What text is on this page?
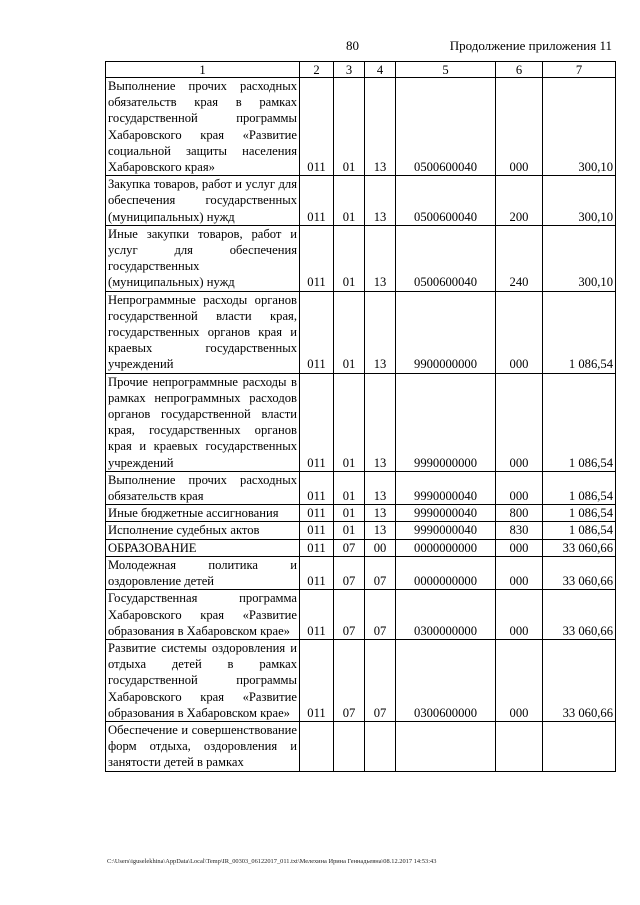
80	Продолжение приложения 11
1	2	3	4	5	6	7
Выполнение прочих расходных обязательств края в рамках государственной программы Хабаровского края «Развитие социальной защиты населения Хабаровского края»	011	01	13	0500600040	000	300,10
Закупка товаров, работ и услуг для обеспечения государственных (муниципальных) нужд	011	01	13	0500600040	200	300,10
Иные закупки товаров, работ и услуг для обеспечения государственных (муниципальных) нужд	011	01	13	0500600040	240	300,10
Непрограммные расходы органов государственной власти края, государственных органов края и краевых государственных учреждений	011	01	13	9900000000	000	1 086,54
Прочие непрограммные расходы в рамках непрограммных расходов органов государственной власти края, государственных органов края и краевых государственных учреждений	011	01	13	9990000000	000	1 086,54
Выполнение прочих расходных обязательств края	011	01	13	9990000040	000	1 086,54
Иные бюджетные ассигнования	011	01	13	9990000040	800	1 086,54
Исполнение судебных актов	011	01	13	9990000040	830	1 086,54
ОБРАЗОВАНИЕ	011	07	00	0000000000	000	33 060,66
Молодежная политика и оздоровление детей	011	07	07	0000000000	000	33 060,66
Государственная программа Хабаровского края «Развитие образования в Хабаровском крае»	011	07	07	0300000000	000	33 060,66
Развитие системы оздоровления и отдыха детей в рамках государственной программы Хабаровского края «Развитие образования в Хабаровском крае»	011	07	07	0300600000	000	33 060,66
Обеспечение и совершенствование форм отдыха, оздоровления и занятости детей в рамках						
C:\Users\iguselekhina\AppData\Local\Temp\IR_00303_06122017_011.txt\Мелехина Ирина Геннадьевна\08.12.2017 14:53:43
